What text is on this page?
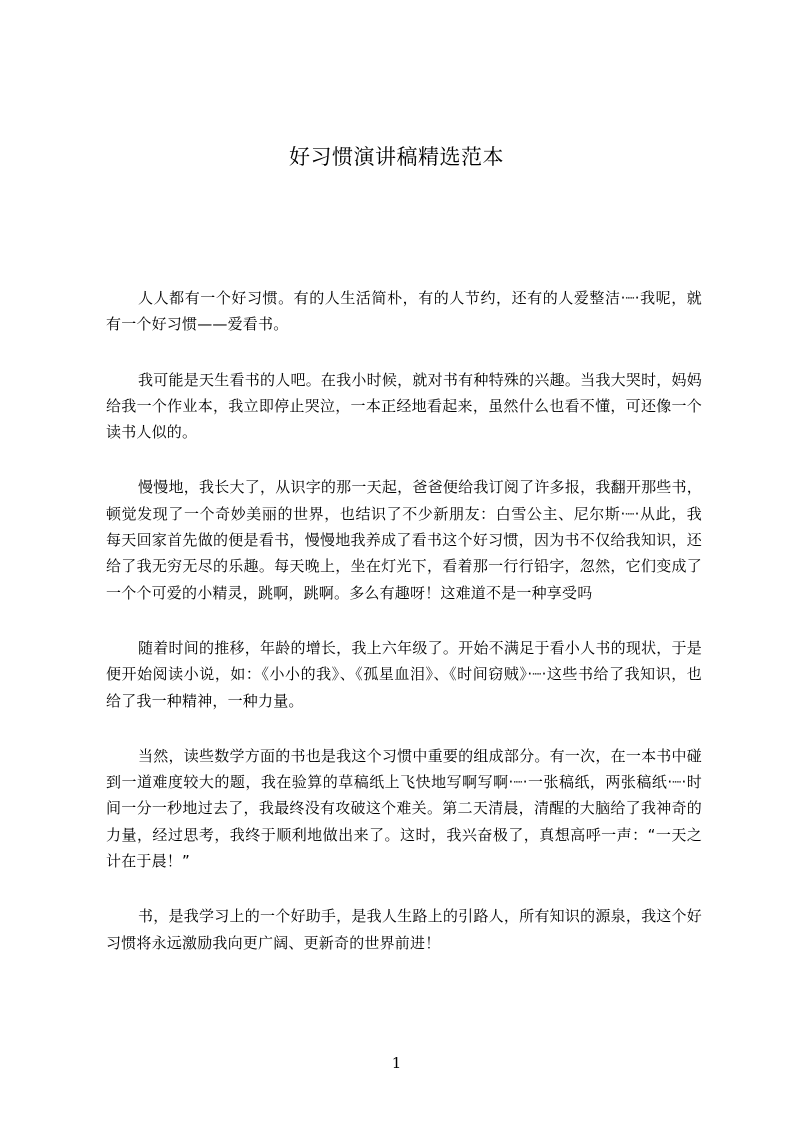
好习惯演讲稿精选范本

人人都有一个好习惯。有的人生活简朴，有的人节约，还有的人爱整洁·┈·我呢，就有一个好习惯——爱看书。

我可能是天生看书的人吧。在我小时候，就对书有种特殊的兴趣。当我大哭时，妈妈给我一个作业本，我立即停止哭泣，一本正经地看起来，虽然什么也看不懂，可还像一个读书人似的。

慢慢地，我长大了，从识字的那一天起，爸爸便给我订阅了许多报，我翻开那些书，顿觉发现了一个奇妙美丽的世界，也结识了不少新朋友：白雪公主、尼尔斯·┈·从此，我每天回家首先做的便是看书，慢慢地我养成了看书这个好习惯，因为书不仅给我知识，还给了我无穷无尽的乐趣。每天晚上，坐在灯光下，看着那一行行铅字，忽然，它们变成了一个个可爱的小精灵，跳啊，跳啊。多么有趣呀！这难道不是一种享受吗

随着时间的推移，年龄的增长，我上六年级了。开始不满足于看小人书的现状，于是便开始阅读小说，如：《小小的我》、《孤星血泪》、《时间窃贼》·┈·这些书给了我知识，也给了我一种精神，一种力量。

当然，读些数学方面的书也是我这个习惯中重要的组成部分。有一次，在一本书中碰到一道难度较大的题，我在验算的草稿纸上飞快地写啊写啊·┈·一张稿纸，两张稿纸·┈·时间一分一秒地过去了，我最终没有攻破这个难关。第二天清晨，清醒的大脑给了我神奇的力量，经过思考，我终于顺利地做出来了。这时，我兴奋极了，真想高呼一声：“一天之计在于晨！”

书，是我学习上的一个好助手，是我人生路上的引路人，所有知识的源泉，我这个好习惯将永远激励我向更广阔、更新奇的世界前进！

1
